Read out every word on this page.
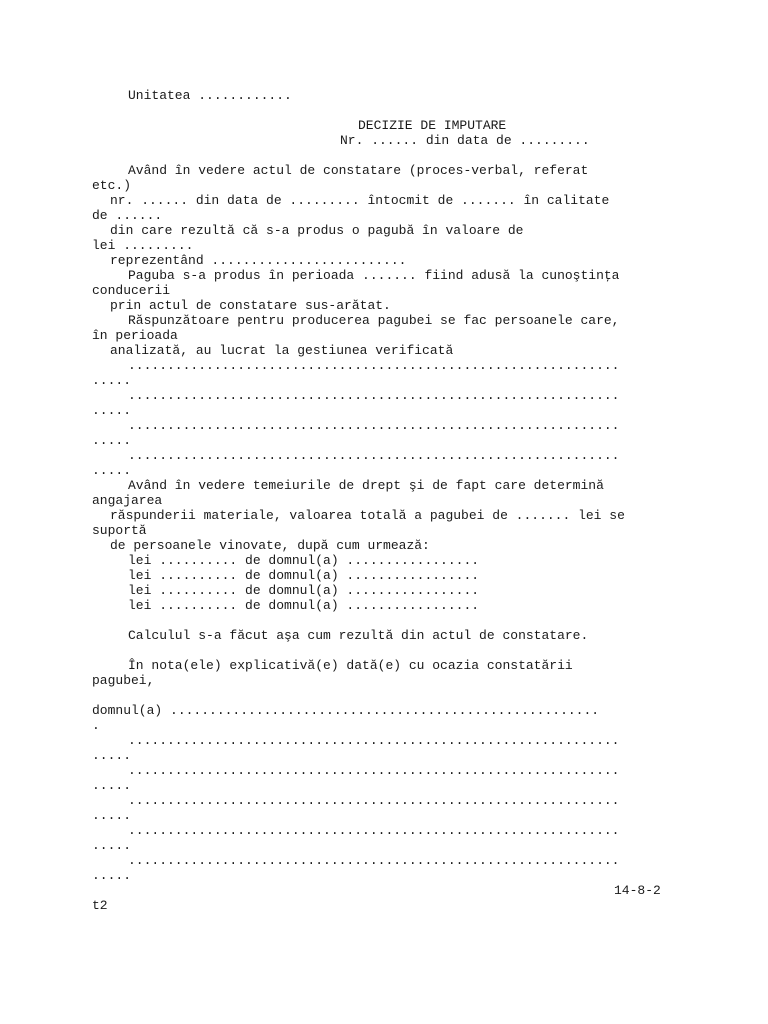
Unitatea ............

DECIZIE DE IMPUTARE

Nr. ...... din data de .........

Având în vedere actul de constatare (proces-verbal, referat

etc.)

nr. ...... din data de ......... întocmit de ....... în calitate

de ......

din care rezultă că s-a produs o pagubă în valoare de

lei .........

reprezentând .........................

Paguba s-a produs în perioada ....... fiind adusă la cunoştinţa

conducerii

prin actul de constatare sus-arătat.

Răspunzătoare pentru producerea pagubei se fac persoanele care,

în perioada

analizată, au lucrat la gestiunea verificată

...............................................................

.....

...............................................................

.....

...............................................................

.....

...............................................................

.....

Având în vedere temeiurile de drept şi de fapt care determină

angajarea

răspunderii materiale, valoarea totală a pagubei de ....... lei se

suportă

de persoanele vinovate, după cum urmează:

lei .......... de domnul(a) .................

lei .......... de domnul(a) .................

lei .......... de domnul(a) .................

lei .......... de domnul(a) .................

Calculul s-a făcut aşa cum rezultă din actul de constatare.

În nota(ele) explicativă(e) dată(e) cu ocazia constatării

pagubei,

domnul(a) .......................................................

.

...............................................................

.....

...............................................................

.....

...............................................................

.....

...............................................................

.....

...............................................................

.....

14-8-2

t2
